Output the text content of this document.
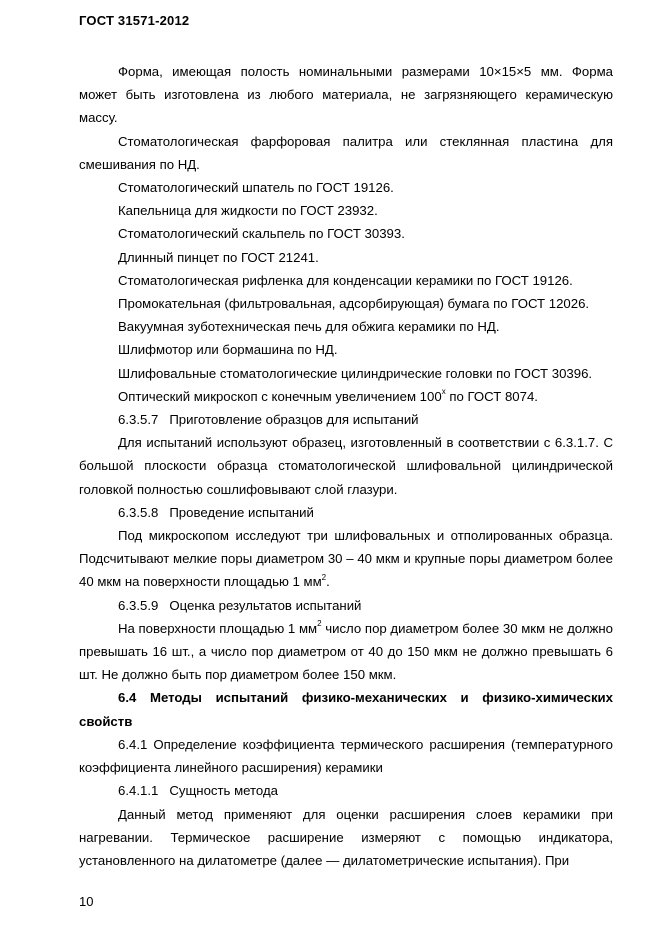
ГОСТ 31571-2012

Форма, имеющая полость номинальными размерами 10×15×5 мм. Форма может быть изготовлена из любого материала, не загрязняющего керамическую массу.

Стоматологическая фарфоровая палитра или стеклянная пластина для смешивания по НД.

Стоматологический шпатель по ГОСТ 19126.

Капельница для жидкости по ГОСТ 23932.

Стоматологический скальпель по ГОСТ 30393.

Длинный пинцет по ГОСТ 21241.

Стоматологическая рифленка для конденсации керамики по ГОСТ 19126.

Промокательная (фильтровальная, адсорбирующая) бумага по ГОСТ 12026.

Вакуумная зуботехническая печь для обжига керамики по НД.

Шлифмотор или бормашина по НД.

Шлифовальные стоматологические цилиндрические головки по ГОСТ 30396.

Оптический микроскоп с конечным увеличением 100$^x$ по ГОСТ 8074.

6.3.5.7   Приготовление образцов для испытаний

Для испытаний используют образец, изготовленный в соответствии с 6.3.1.7. С большой плоскости образца стоматологической шлифовальной цилиндрической головкой полностью сошлифовывают слой глазури.

6.3.5.8   Проведение испытаний

Под микроскопом исследуют три шлифовальных и отполированных образца. Подсчитывают мелкие поры диаметром 30 – 40 мкм и крупные поры диаметром более 40 мкм на поверхности площадью 1 $мм^2$.

6.3.5.9   Оценка результатов испытаний

На поверхности площадью 1 $мм^2$ число пор диаметром более 30 мкм не должно превышать 16 шт., а число пор диаметром от 40 до 150 мкм не должно превышать 6 шт. Не должно быть пор диаметром более 150 мкм.

6.4 Методы испытаний физико-механических и физико-химических свойств

6.4.1 Определение коэффициента термического расширения (температурного коэффициента линейного расширения) керамики

6.4.1.1   Сущность метода

Данный метод применяют для оценки расширения слоев керамики при нагревании. Термическое расширение измеряют с помощью индикатора, установленного на дилатометре (далее — дилатометрические испытания). При

10
